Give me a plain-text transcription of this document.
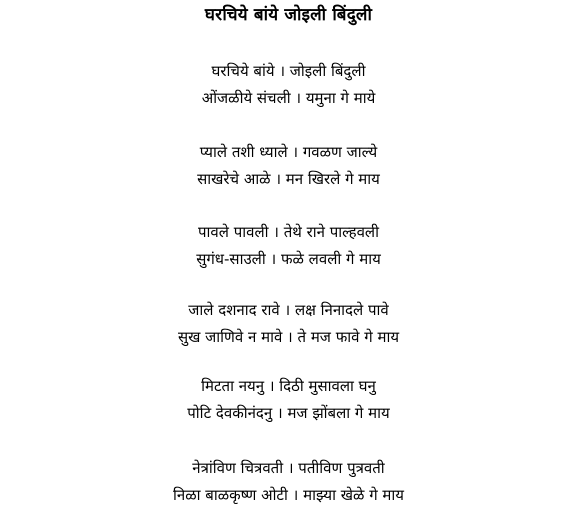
घरचिये बांये जोइली बिंदुली
घरचिये बांये । जोइली बिंदुली
ओंजळीये संचली । यमुना गे माये
प्याले तशी ध्याले । गवळण जाल्ये
साखरेचे आळे । मन खिरले गे माय
पावले पावली । तेथे राने पाल्हवली
सुगंध-साउली । फळे लवली गे माय
जाले दशनाद रावे । लक्ष निनादले पावे
सुख जाणिवे न मावे । ते मज फावे गे माय
मिटता नयनु । दिठी मुसावला घनु
पोटि देवकीनंदनु । मज झोंबला गे माय
नेत्रांविण चित्रवती । पतीविण पुत्रवती
निळा बाळकृष्ण ओटी । माझ्या खेळे गे माय
